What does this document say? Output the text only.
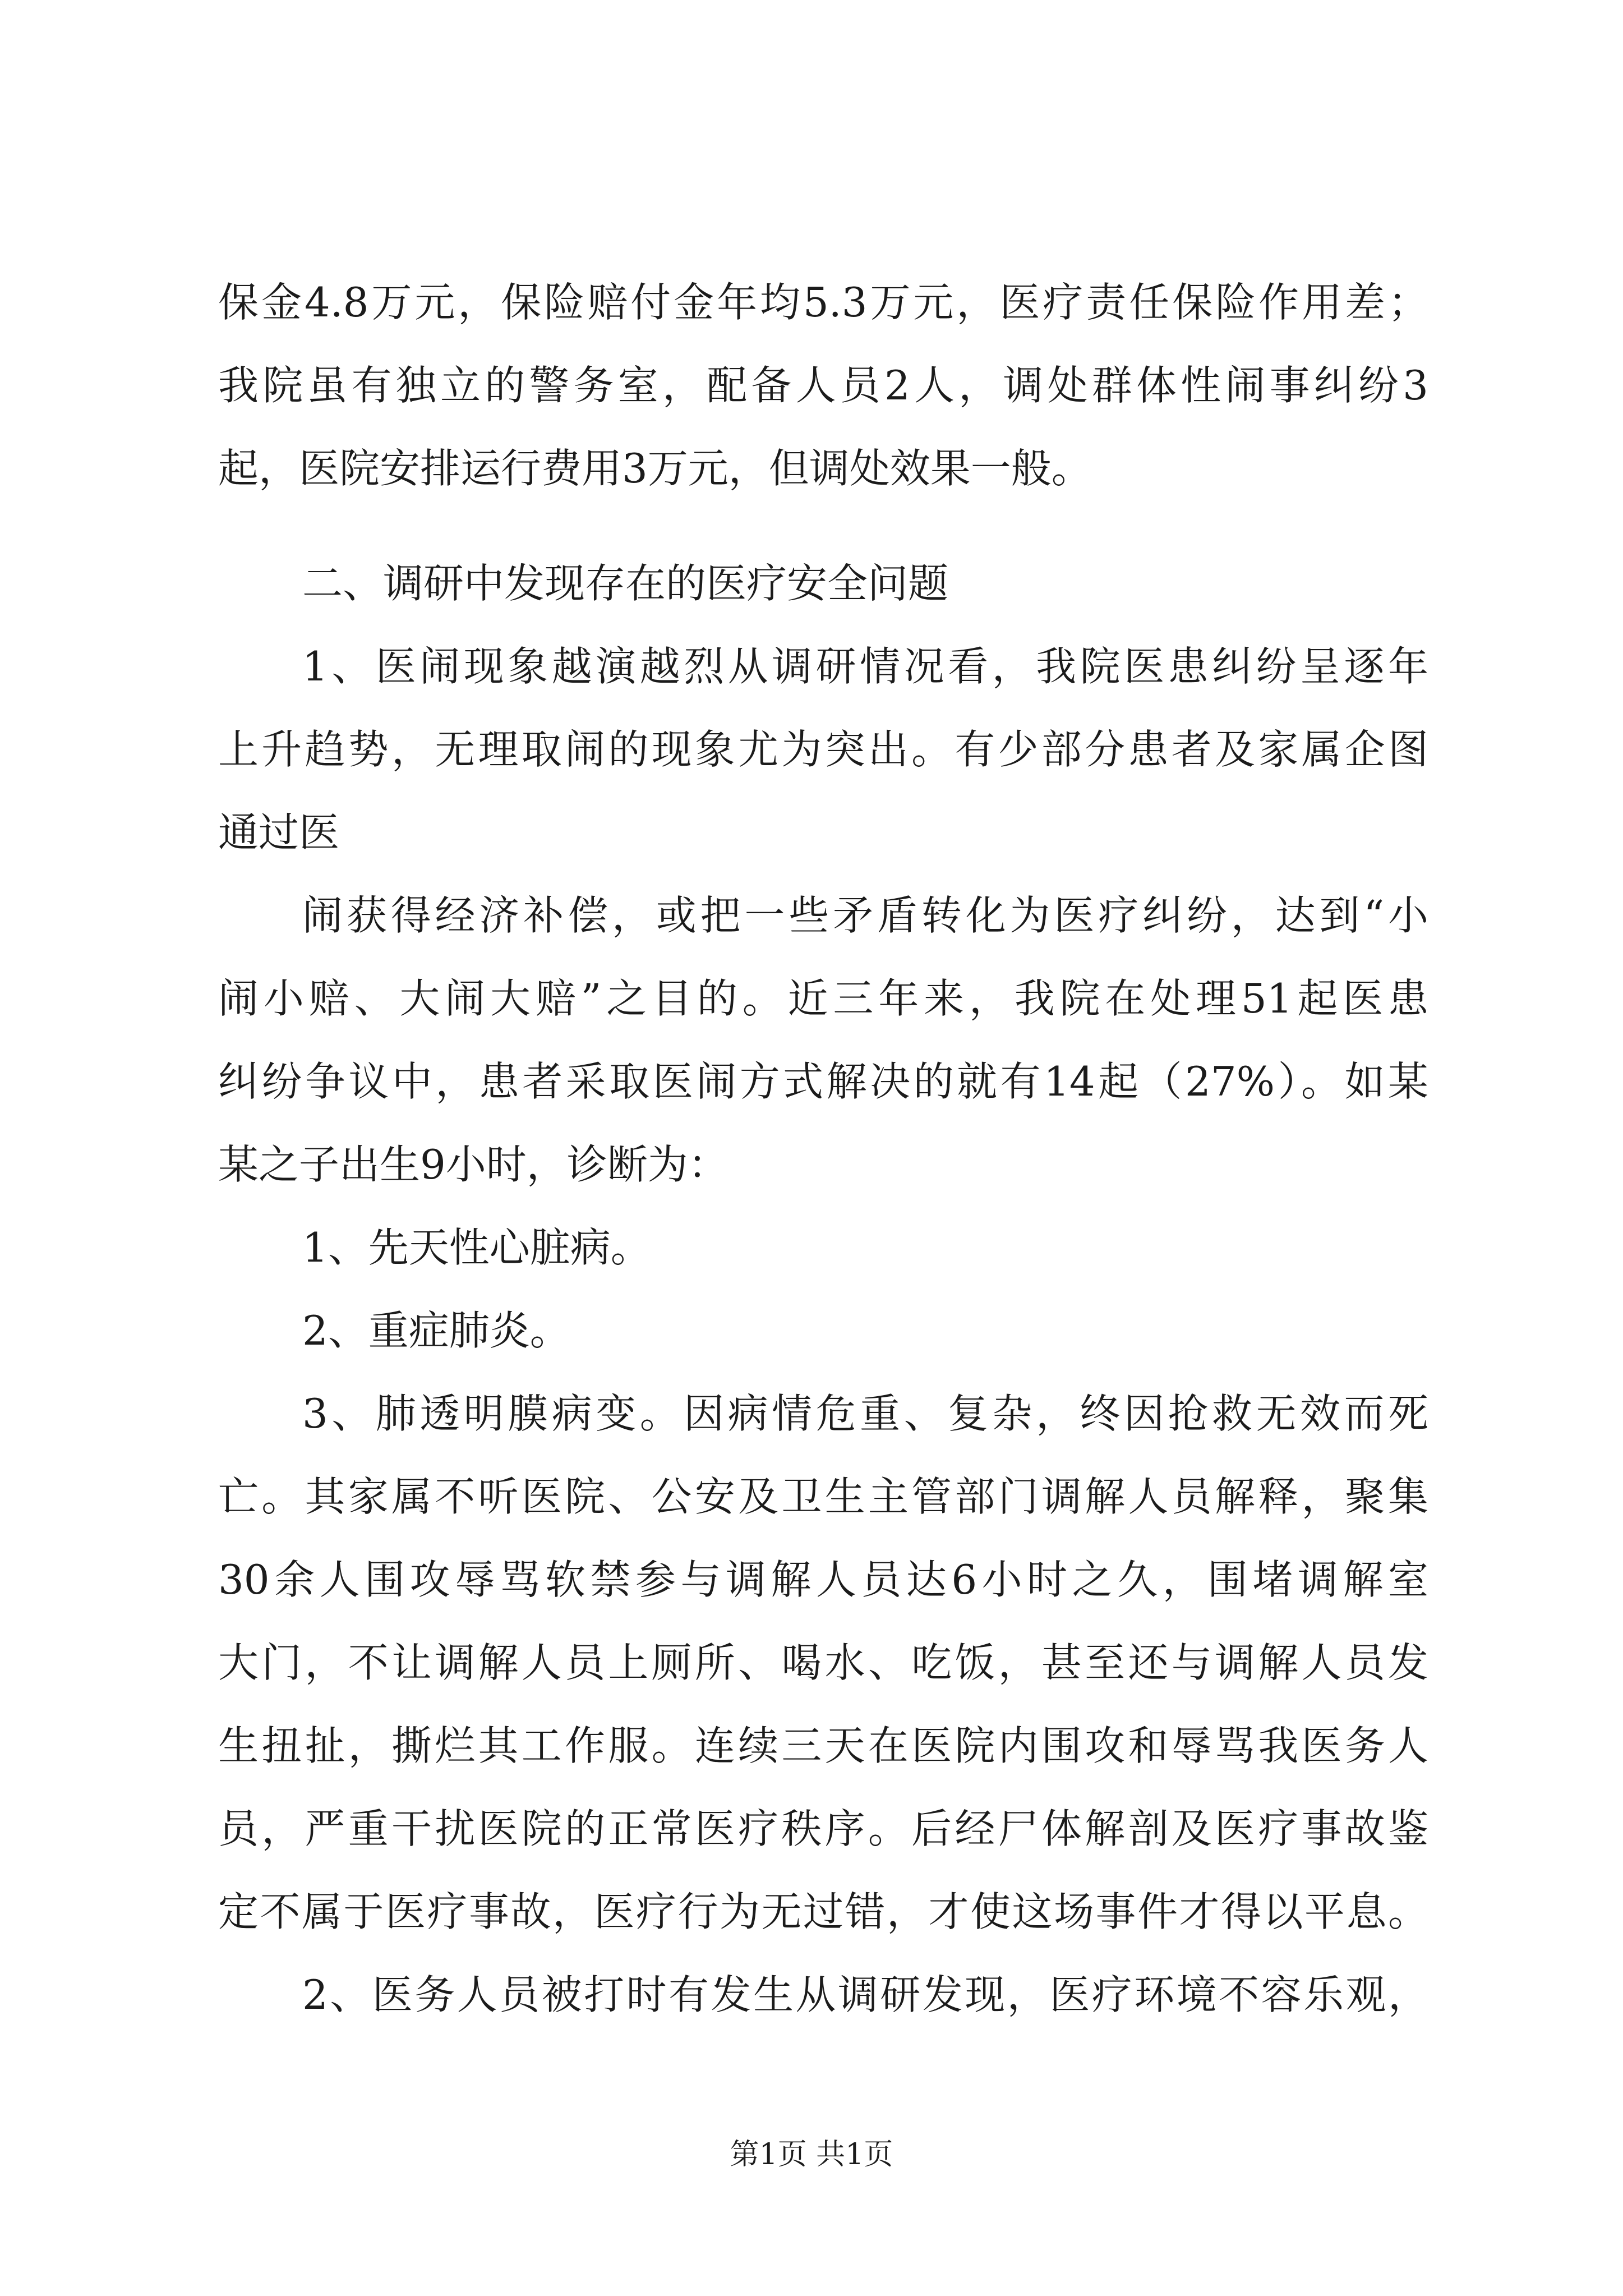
保金4.8万元，保险赔付金年均5.3万元，医疗责任保险作用差；
我院虽有独立的警务室，配备人员2人，调处群体性闹事纠纷3
起，医院安排运行费用3万元，但调处效果一般。
二、调研中发现存在的医疗安全问题
1、医闹现象越演越烈从调研情况看，我院医患纠纷呈逐年
上升趋势，无理取闹的现象尤为突出。有少部分患者及家属企图
通过医
闹获得经济补偿，或把一些矛盾转化为医疗纠纷，达到“小
闹小赔、大闹大赔”之目的。近三年来，我院在处理51起医患
纠纷争议中，患者采取医闹方式解决的就有14起（27%）。如某
某之子出生9小时，诊断为：
1、先天性心脏病。
2、重症肺炎。
3、肺透明膜病变。因病情危重、复杂，终因抢救无效而死
亡。其家属不听医院、公安及卫生主管部门调解人员解释，聚集
30余人围攻辱骂软禁参与调解人员达6小时之久，围堵调解室
大门，不让调解人员上厕所、喝水、吃饭，甚至还与调解人员发
生扭扯，撕烂其工作服。连续三天在医院内围攻和辱骂我医务人
员，严重干扰医院的正常医疗秩序。后经尸体解剖及医疗事故鉴
定不属于医疗事故，医疗行为无过错，才使这场事件才得以平息。
2、医务人员被打时有发生从调研发现，医疗环境不容乐观，
第1页 共1页
